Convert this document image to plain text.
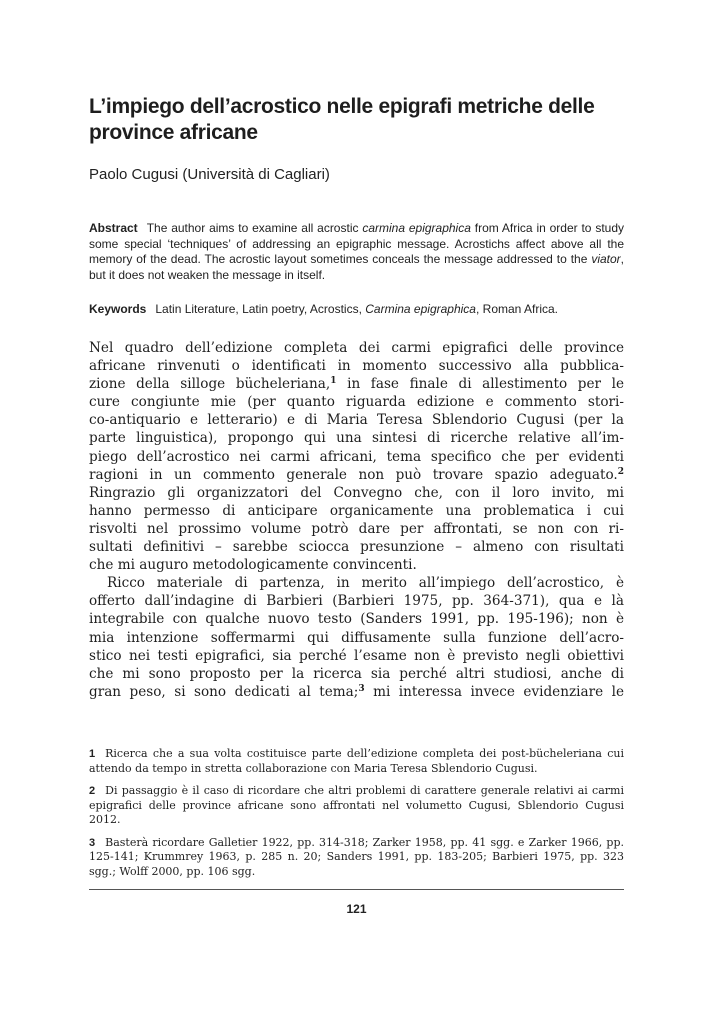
L’impiego dell’acrostico nelle epigrafi metriche delle province africane
Paolo Cugusi (Università di Cagliari)
Abstract The author aims to examine all acrostic carmina epigraphica from Africa in order to study some special ‘techniques’ of addressing an epigraphic message. Acrostichs affect above all the memory of the dead. The acrostic layout sometimes conceals the message addressed to the viator, but it does not weaken the message in itself.
Keywords Latin Literature, Latin poetry, Acrostics, Carmina epigraphica, Roman Africa.

Nel quadro dell’edizione completa dei carmi epigrafici delle province

africane rinvenuti o identificati in momento successivo alla pubblica-

zione della silloge bücheleriana,$^1$ in fase finale di allestimento per le

cure congiunte mie (per quanto riguarda edizione e commento stori-

co-antiquario e letterario) e di Maria Teresa Sblendorio Cugusi (per la

parte linguistica), propongo qui una sintesi di ricerche relative all’im-

piego dell’acrostico nei carmi africani, tema specifico che per evidenti

ragioni in un commento generale non può trovare spazio adeguato.$^2$

Ringrazio gli organizzatori del Convegno che, con il loro invito, mi

hanno permesso di anticipare organicamente una problematica i cui

risvolti nel prossimo volume potrò dare per affrontati, se non con ri-

sultati definitivi – sarebbe sciocca presunzione – almeno con risultati

che mi auguro metodologicamente convincenti.

Ricco materiale di partenza, in merito all’impiego dell’acrostico, è

offerto dall’indagine di Barbieri (Barbieri 1975, pp. 364-371), qua e là

integrabile con qualche nuovo testo (Sanders 1991, pp. 195-196); non è

mia intenzione soffermarmi qui diffusamente sulla funzione dell’acro-

stico nei testi epigrafici, sia perché l’esame non è previsto negli obiettivi

che mi sono proposto per la ricerca sia perché altri studiosi, anche di

gran peso, si sono dedicati al tema;$^3$ mi interessa invece evidenziare le

1 Ricerca che a sua volta costituisce parte dell’edizione completa dei post-bücheleriana cui attendo da tempo in stretta collaborazione con Maria Teresa Sblendorio Cugusi.

2 Di passaggio è il caso di ricordare che altri problemi di carattere generale relativi ai carmi epigrafici delle province africane sono affrontati nel volumetto Cugusi, Sblendorio Cugusi 2012.

3 Basterà ricordare Galletier 1922, pp. 314-318; Zarker 1958, pp. 41 sgg. e Zarker 1966, pp. 125-141; Krummrey 1963, p. 285 n. 20; Sanders 1991, pp. 183-205; Barbieri 1975, pp. 323 sgg.; Wolff 2000, pp. 106 sgg.

121
